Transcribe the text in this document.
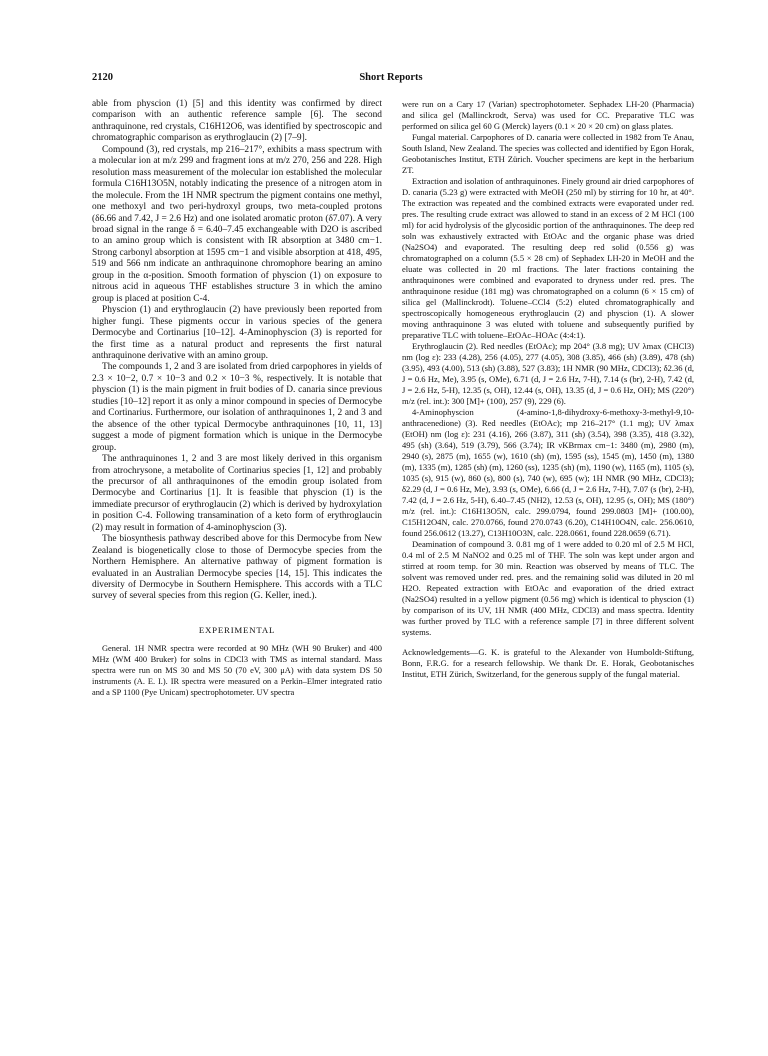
2120	Short Reports

able from physcion (1) [5] and this identity was confirmed by direct comparison with an authentic reference sample [6]. The second anthraquinone, red crystals, C16H12O6, was identified by spectroscopic and chromatographic comparison as erythroglaucin (2) [7–9].

Compound (3), red crystals, mp 216–217°, exhibits a mass spectrum with a molecular ion at m/z 299 and fragment ions at m/z 270, 256 and 228. High resolution mass measurement of the molecular ion established the molecular formula C16H13O5N, notably indicating the presence of a nitrogen atom in the molecule. From the 1H NMR spectrum the pigment contains one methyl, one methoxyl and two peri-hydroxyl groups, two meta-coupled protons (δ6.66 and 7.42, J = 2.6 Hz) and one isolated aromatic proton (δ7.07). A very broad signal in the range δ = 6.40–7.45 exchangeable with D2O is ascribed to an amino group which is consistent with IR absorption at 3480 cm−1. Strong carbonyl absorption at 1595 cm−1 and visible absorption at 418, 495, 519 and 566 nm indicate an anthraquinone chromophore bearing an amino group in the α-position. Smooth formation of physcion (1) on exposure to nitrous acid in aqueous THF establishes structure 3 in which the amino group is placed at position C-4.

Physcion (1) and erythroglaucin (2) have previously been reported from higher fungi. These pigments occur in various species of the genera Dermocybe and Cortinarius [10–12]. 4-Aminophyscion (3) is reported for the first time as a natural product and represents the first natural anthraquinone derivative with an amino group.

The compounds 1, 2 and 3 are isolated from dried carpophores in yields of 2.3 × 10−2, 0.7 × 10−3 and 0.2 × 10−3 %, respectively. It is notable that physcion (1) is the main pigment in fruit bodies of D. canaria since previous studies [10–12] report it as only a minor compound in species of Dermocybe and Cortinarius. Furthermore, our isolation of anthraquinones 1, 2 and 3 and the absence of the other typical Dermocybe anthraquinones [10, 11, 13] suggest a mode of pigment formation which is unique in the Dermocybe group.

The anthraquinones 1, 2 and 3 are most likely derived in this organism from atrochrysone, a metabolite of Cortinarius species [1, 12] and probably the precursor of all anthraquinones of the emodin group isolated from Dermocybe and Cortinarius [1]. It is feasible that physcion (1) is the immediate precursor of erythroglaucin (2) which is derived by hydroxylation in position C-4. Following transamination of a keto form of erythroglaucin (2) may result in formation of 4-aminophyscion (3).

The biosynthesis pathway described above for this Dermocybe from New Zealand is biogenetically close to those of Dermocybe species from the Northern Hemisphere. An alternative pathway of pigment formation is evaluated in an Australian Dermocybe species [14, 15]. This indicates the diversity of Dermocybe in Southern Hemisphere. This accords with a TLC survey of several species from this region (G. Keller, ined.).

EXPERIMENTAL

General. 1H NMR spectra were recorded at 90 MHz (WH 90 Bruker) and 400 MHz (WM 400 Bruker) for solns in CDCl3 with TMS as internal standard. Mass spectra were run on MS 30 and MS 50 (70 eV, 300 μA) with data system DS 50 instruments (A. E. I.). IR spectra were measured on a Perkin–Elmer integrated ratio and a SP 1100 (Pye Unicam) spectrophotometer. UV spectra

were run on a Cary 17 (Varian) spectrophotometer. Sephadex LH-20 (Pharmacia) and silica gel (Mallinckrodt, Serva) was used for CC. Preparative TLC was performed on silica gel 60 G (Merck) layers (0.1 × 20 × 20 cm) on glass plates.

Fungal material. Carpophores of D. canaria were collected in 1982 from Te Anau, South Island, New Zealand. The species was collected and identified by Egon Horak, Geobotanisches Institut, ETH Zürich. Voucher specimens are kept in the herbarium ZT.

Extraction and isolation of anthraquinones. Finely ground air dried carpophores of D. canaria (5.23 g) were extracted with MeOH (250 ml) by stirring for 10 hr, at 40°. The extraction was repeated and the combined extracts were evaporated under red. pres. The resulting crude extract was allowed to stand in an excess of 2 M HCl (100 ml) for acid hydrolysis of the glycosidic portion of the anthraquinones. The deep red soln was exhaustively extracted with EtOAc and the organic phase was dried (Na2SO4) and evaporated. The resulting deep red solid (0.556 g) was chromatographed on a column (5.5 × 28 cm) of Sephadex LH-20 in MeOH and the eluate was collected in 20 ml fractions. The later fractions containing the anthraquinones were combined and evaporated to dryness under red. pres. The anthraquinone residue (181 mg) was chromatographed on a column (6 × 15 cm) of silica gel (Mallinckrodt). Toluene–CCl4 (5:2) eluted chromatographically and spectroscopically homogeneous erythroglaucin (2) and physcion (1). A slower moving anthraquinone 3 was eluted with toluene and subsequently purified by preparative TLC with toluene–EtOAc–HOAc (4:4:1).

Erythroglaucin (2). Red needles (EtOAc); mp 204° (3.8 mg); UV λmax (CHCl3) nm (log ε): 233 (4.28), 256 (4.05), 277 (4.05), 308 (3.85), 466 (sh) (3.89), 478 (sh) (3.95), 493 (4.00), 513 (sh) (3.88), 527 (3.83); 1H NMR (90 MHz, CDCl3); δ2.36 (d, J = 0.6 Hz, Me), 3.95 (s, OMe), 6.71 (d, J = 2.6 Hz, 7-H), 7.14 (s (br), 2-H), 7.42 (d, J = 2.6 Hz, 5-H), 12.35 (s, OH), 12.44 (s, OH), 13.35 (d, J = 0.6 Hz, OH); MS (220°) m/z (rel. int.): 300 [M]+ (100), 257 (9), 229 (6).

4-Aminophyscion (4-amino-1,8-dihydroxy-6-methoxy-3-methyl-9,10-anthracenedione) (3). Red needles (EtOAc); mp 216–217° (1.1 mg); UV λmax (EtOH) nm (log ε): 231 (4.16), 266 (3.87), 311 (sh) (3.54), 398 (3.35), 418 (3.32), 495 (sh) (3.64), 519 (3.79), 566 (3.74); IR νKBrmax cm−1: 3480 (m), 2980 (m), 2940 (s), 2875 (m), 1655 (w), 1610 (sh) (m), 1595 (ss), 1545 (m), 1450 (m), 1380 (m), 1335 (m), 1285 (sh) (m), 1260 (ss), 1235 (sh) (m), 1190 (w), 1165 (m), 1105 (s), 1035 (s), 915 (w), 860 (s), 800 (s), 740 (w), 695 (w); 1H NMR (90 MHz, CDCl3); δ2.29 (d, J = 0.6 Hz, Me), 3.93 (s, OMe), 6.66 (d, J = 2.6 Hz, 7-H), 7.07 (s (br), 2-H), 7.42 (d, J = 2.6 Hz, 5-H), 6.40–7.45 (NH2), 12.53 (s, OH), 12.95 (s, OH); MS (180°) m/z (rel. int.): C16H13O5N, calc. 299.0794, found 299.0803 [M]+ (100.00), C15H12O4N, calc. 270.0766, found 270.0743 (6.20), C14H10O4N, calc. 256.0610, found 256.0612 (13.27), C13H10O3N, calc. 228.0661, found 228.0659 (6.71).

Deamination of compound 3. 0.81 mg of 1 were added to 0.20 ml of 2.5 M HCl, 0.4 ml of 2.5 M NaNO2 and 0.25 ml of THF. The soln was kept under argon and stirred at room temp. for 30 min. Reaction was observed by means of TLC. The solvent was removed under red. pres. and the remaining solid was diluted in 20 ml H2O. Repeated extraction with EtOAc and evaporation of the dried extract (Na2SO4) resulted in a yellow pigment (0.56 mg) which is identical to physcion (1) by comparison of its UV, 1H NMR (400 MHz, CDCl3) and mass spectra. Identity was further proved by TLC with a reference sample [7] in three different solvent systems.

Acknowledgements—G. K. is grateful to the Alexander von Humboldt-Stiftung, Bonn, F.R.G. for a research fellowship. We thank Dr. E. Horak, Geobotanisches Institut, ETH Zürich, Switzerland, for the generous supply of the fungal material.
